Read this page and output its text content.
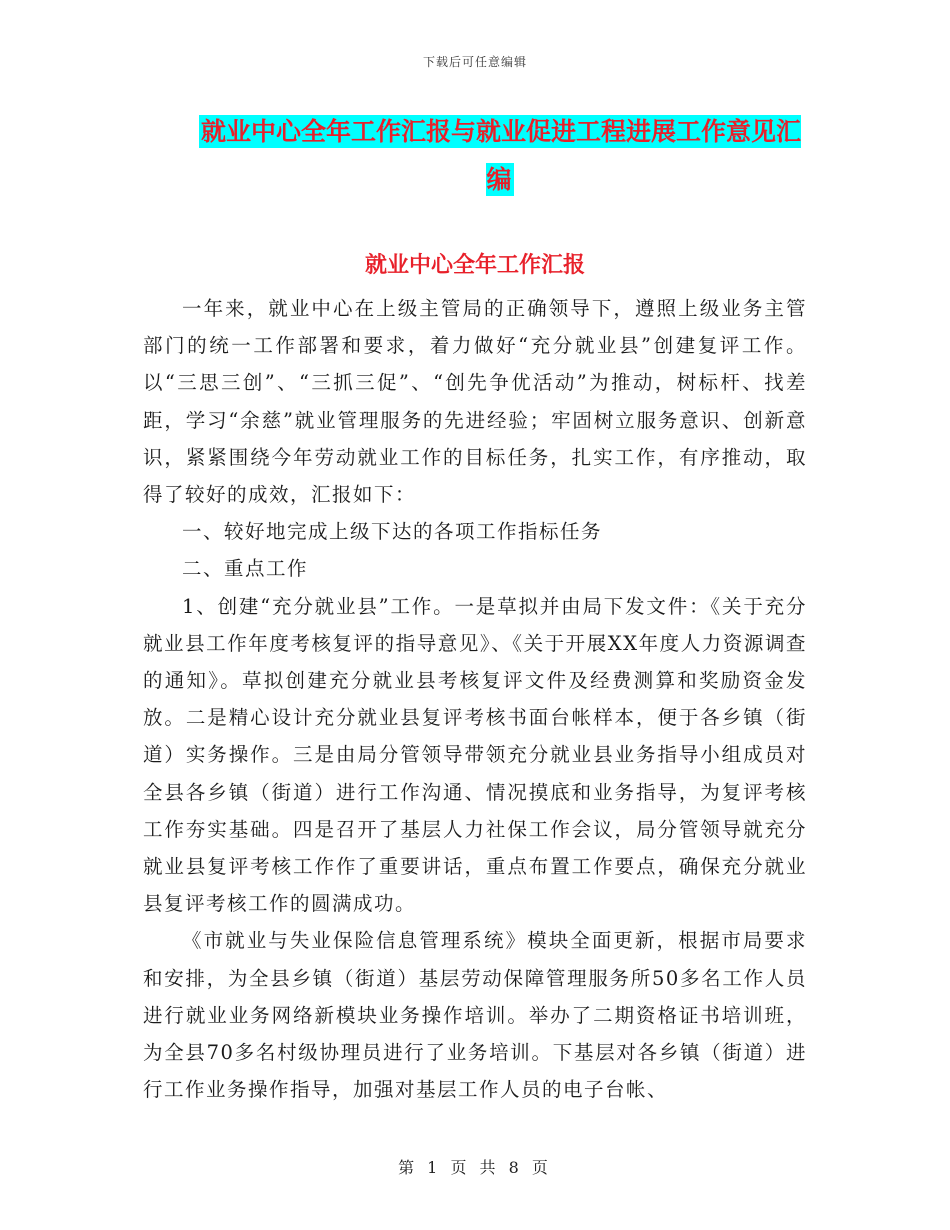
下载后可任意编辑
就业中心全年工作汇报与就业促进工程进展工作意见汇编
就业中心全年工作汇报

一年来，就业中心在上级主管局的正确领导下，遵照上级业务主管部门的统一工作部署和要求，着力做好“充分就业县”创建复评工作。以“三思三创”、“三抓三促”、“创先争优活动”为推动，树标杆、找差距，学习“余慈”就业管理服务的先进经验；牢固树立服务意识、创新意识，紧紧围绕今年劳动就业工作的目标任务，扎实工作，有序推动，取得了较好的成效，汇报如下：

一、较好地完成上级下达的各项工作指标任务

二、重点工作

1、创建“充分就业县”工作。一是草拟并由局下发文件：《关于充分就业县工作年度考核复评的指导意见》、《关于开展XX年度人力资源调查的通知》。草拟创建充分就业县考核复评文件及经费测算和奖励资金发放。二是精心设计充分就业县复评考核书面台帐样本，便于各乡镇（街道）实务操作。三是由局分管领导带领充分就业县业务指导小组成员对全县各乡镇（街道）进行工作沟通、情况摸底和业务指导，为复评考核工作夯实基础。四是召开了基层人力社保工作会议，局分管领导就充分就业县复评考核工作作了重要讲话，重点布置工作要点，确保充分就业县复评考核工作的圆满成功。

《市就业与失业保险信息管理系统》模块全面更新，根据市局要求和安排，为全县乡镇（街道）基层劳动保障管理服务所50多名工作人员进行就业业务网络新模块业务操作培训。举办了二期资格证书培训班，为全县70多名村级协理员进行了业务培训。下基层对各乡镇（街道）进行工作业务操作指导，加强对基层工作人员的电子台帐、

第 1 页 共 8 页
